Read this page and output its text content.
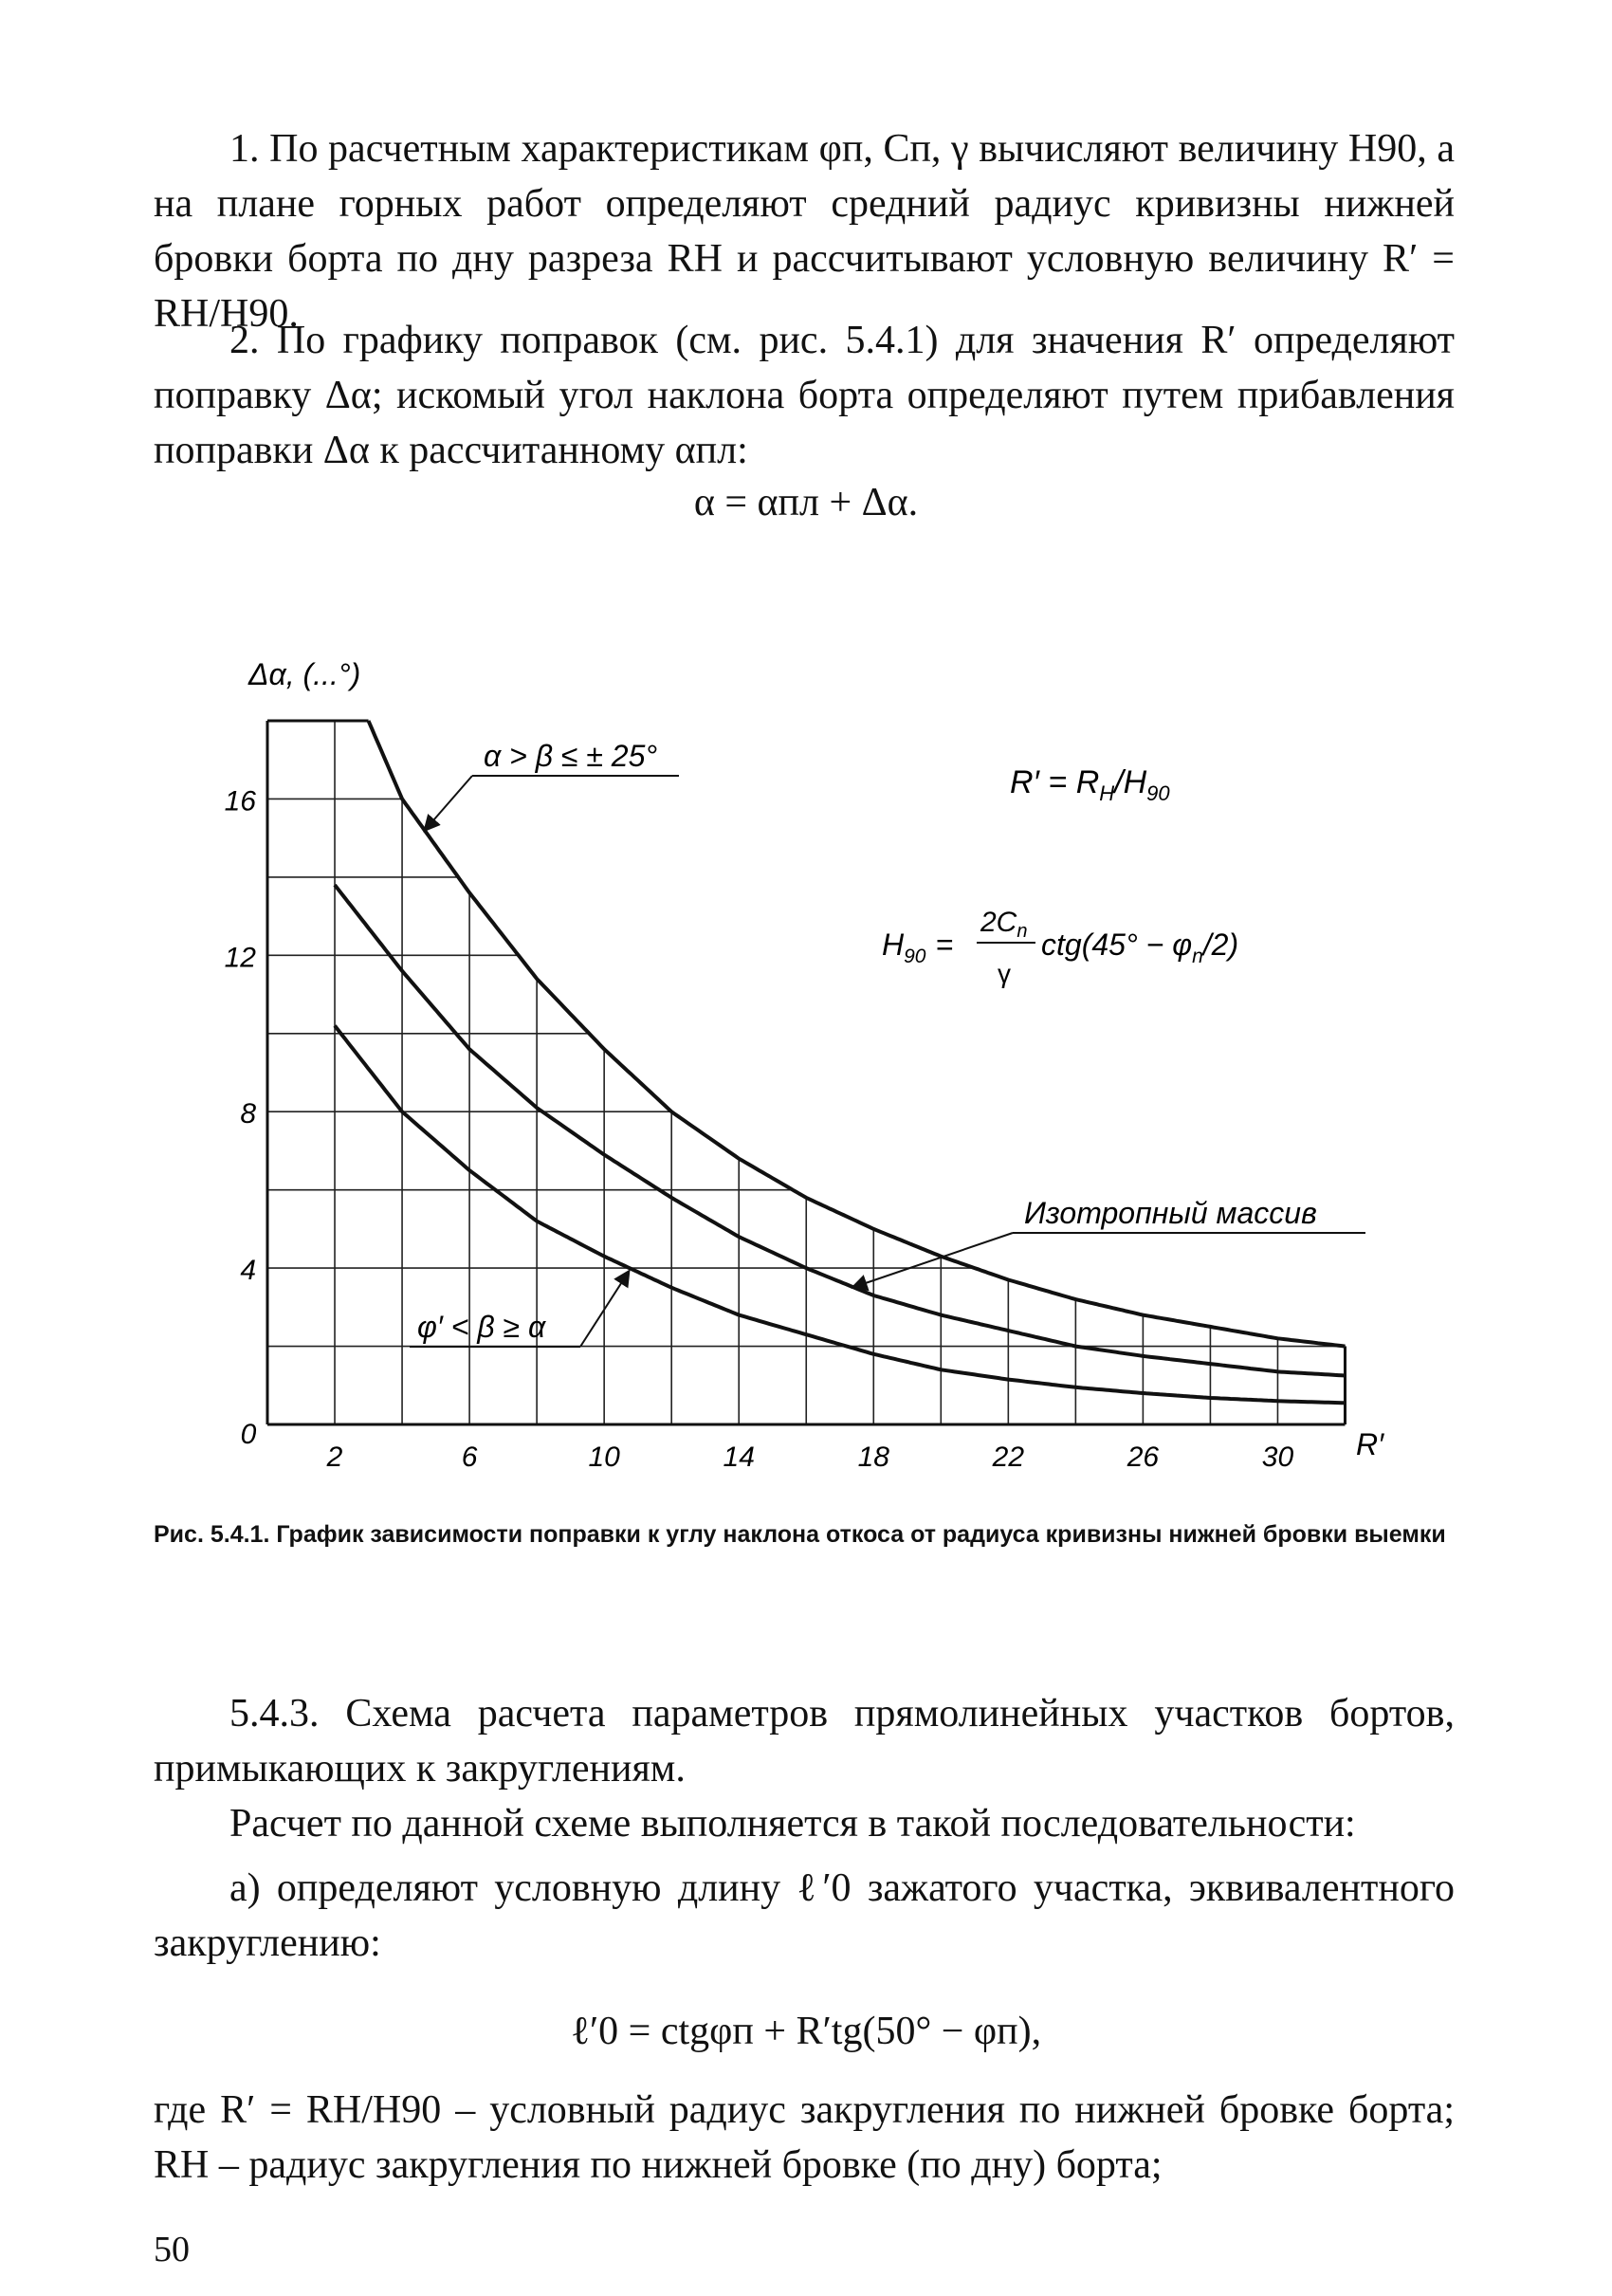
1. По расчетным характеристикам φп, Сп, γ вычисляют величину H90, а на плане горных работ определяют средний радиус кривизны нижней бровки борта по дну разреза RH и рассчитывают условную величину R′ = RH/H90.

2. По графику поправок (см. рис. 5.4.1) для значения R′ определяют поправку Δα; искомый угол наклона борта определяют путем прибавления поправки Δα к рассчитанному αпл:

α = αпл + Δα.

0
2	6	10	14	18	22	26	30
4
8
12
16
Δα, (...°)
R′
$R' = R_H/H_{90}$
$H_{90}$ =
$2C_n$
γ
$ctg(45^\circ - \varphi_n/2)$
α > β ≤ ± 25°
Изотропный массив
φ′ < β ≥ α

Рис. 5.4.1. График зависимости поправки к углу наклона откоса от радиуса кривизны нижней бровки выемки

5.4.3. Схема расчета параметров прямолинейных участков бортов, примыкающих к закруглениям.

Расчет по данной схеме выполняется в такой последовательности:

а) определяют условную длину ℓ′0 зажатого участка, эквивалентного закруглению:

ℓ′0 = ctgφп + R′tg(50° − φп),

где R′ = RH/H90 – условный радиус закругления по нижней бровке борта; RH – радиус закругления по нижней бровке (по дну) борта;

50
